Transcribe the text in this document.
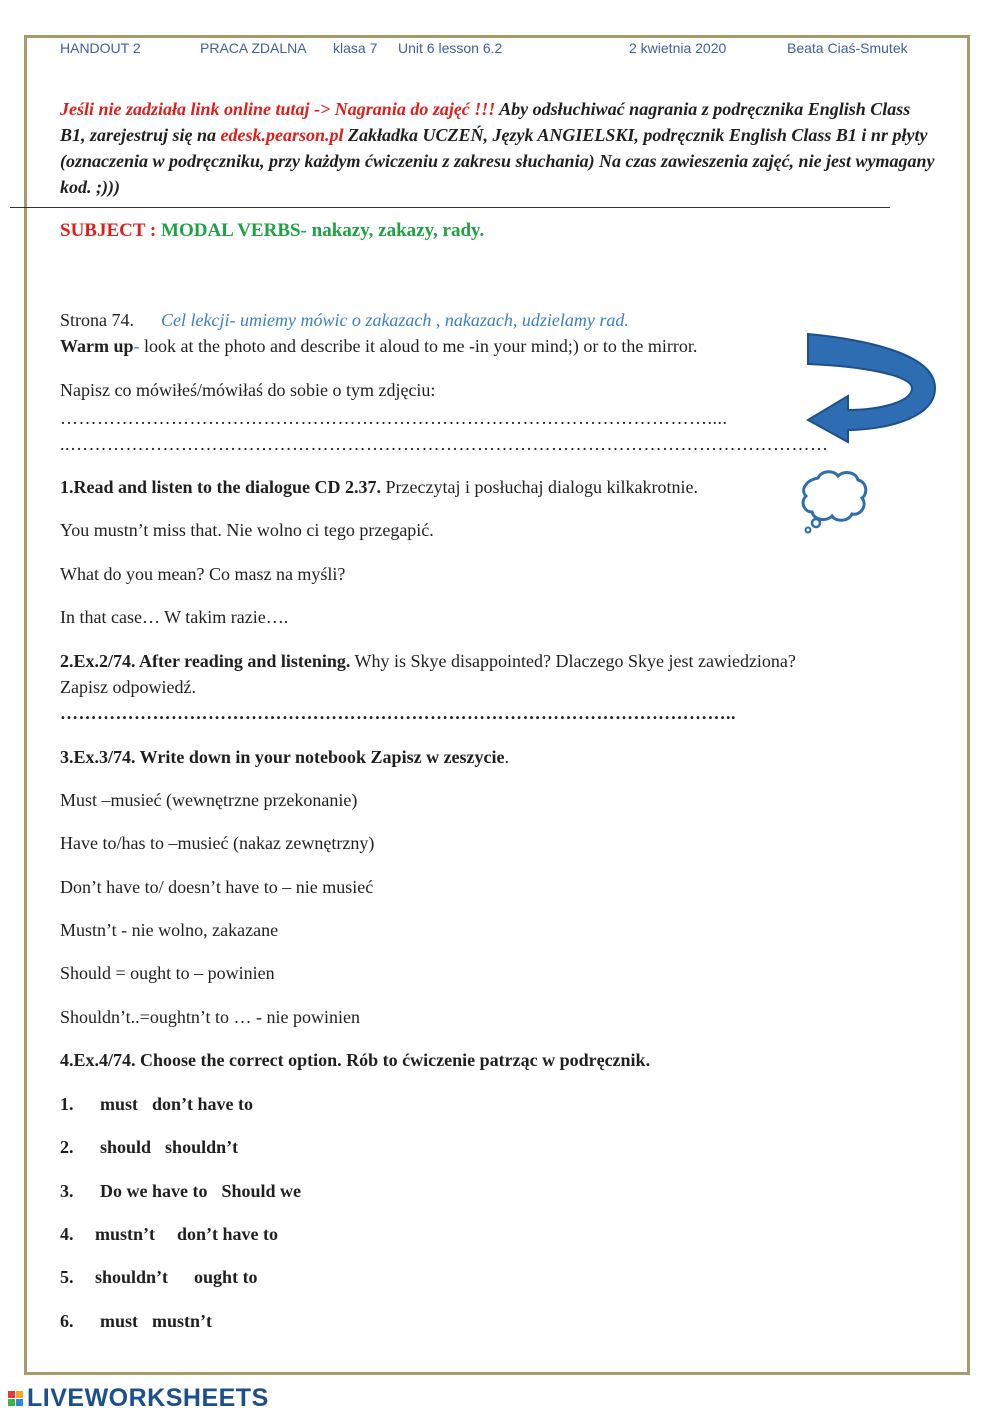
HANDOUT 2	PRACA ZDALNA klasa 7 Unit 6 lesson 6.2	2 kwietnia 2020	Beata Ciaś-Smutek
Jeśli nie zadziała link online tutaj -> Nagrania do zajęć !!! Aby odsłuchiwać nagrania z podręcznika English Class B1, zarejestruj się na edesk.pearson.pl Zakładka UCZEŃ, Język ANGIELSKI, podręcznik English Class B1 i nr płyty (oznaczenia w podręczniku, przy każdym ćwiczeniu z zakresu słuchania) Na czas zawieszenia zajęć, nie jest wymagany kod. ;)))
SUBJECT : MODAL VERBS- nakazy, zakazy, rady.
Strona 74. Cel lekcji- umiemy mówic o zakazach , nakazach, udzielamy rad.
Warm up- look at the photo and describe it aloud to me -in your mind;) or to the mirror.
Napisz co mówiłeś/mówiłaś do sobie o tym zdjęciu:
……………………………………………………………………………………………....
..……………………………………………………………………………………………………………
1.Read and listen to the dialogue CD 2.37. Przeczytaj i posłuchaj dialogu kilkakrotnie.
You mustn’t miss that. Nie wolno ci tego przegapić.
What do you mean? Co masz na myśli?
In that case… W takim razie….
2.Ex.2/74. After reading and listening. Why is Skye disappointed? Dlaczego Skye jest zawiedziona?
Zapisz odpowiedź.
………………………………………………………………………………………………..
3.Ex.3/74. Write down in your notebook Zapisz w zeszycie.
Must –musieć (wewnętrzne przekonanie)
Have to/has to –musieć (nakaz zewnętrzny)
Don’t have to/ doesn’t have to – nie musieć
Mustn’t - nie wolno, zakazane
Should = ought to – powinien
Shouldn’t..=oughtn’t to … - nie powinien
4.Ex.4/74. Choose the correct option. Rób to ćwiczenie patrząc w podręcznik.
1. must don’t have to
2. should shouldn’t
3. Do we have to Should we
4. mustn’t don’t have to
5. shouldn’t ought to
6. must mustn’t
LIVEWORKSHEETS
